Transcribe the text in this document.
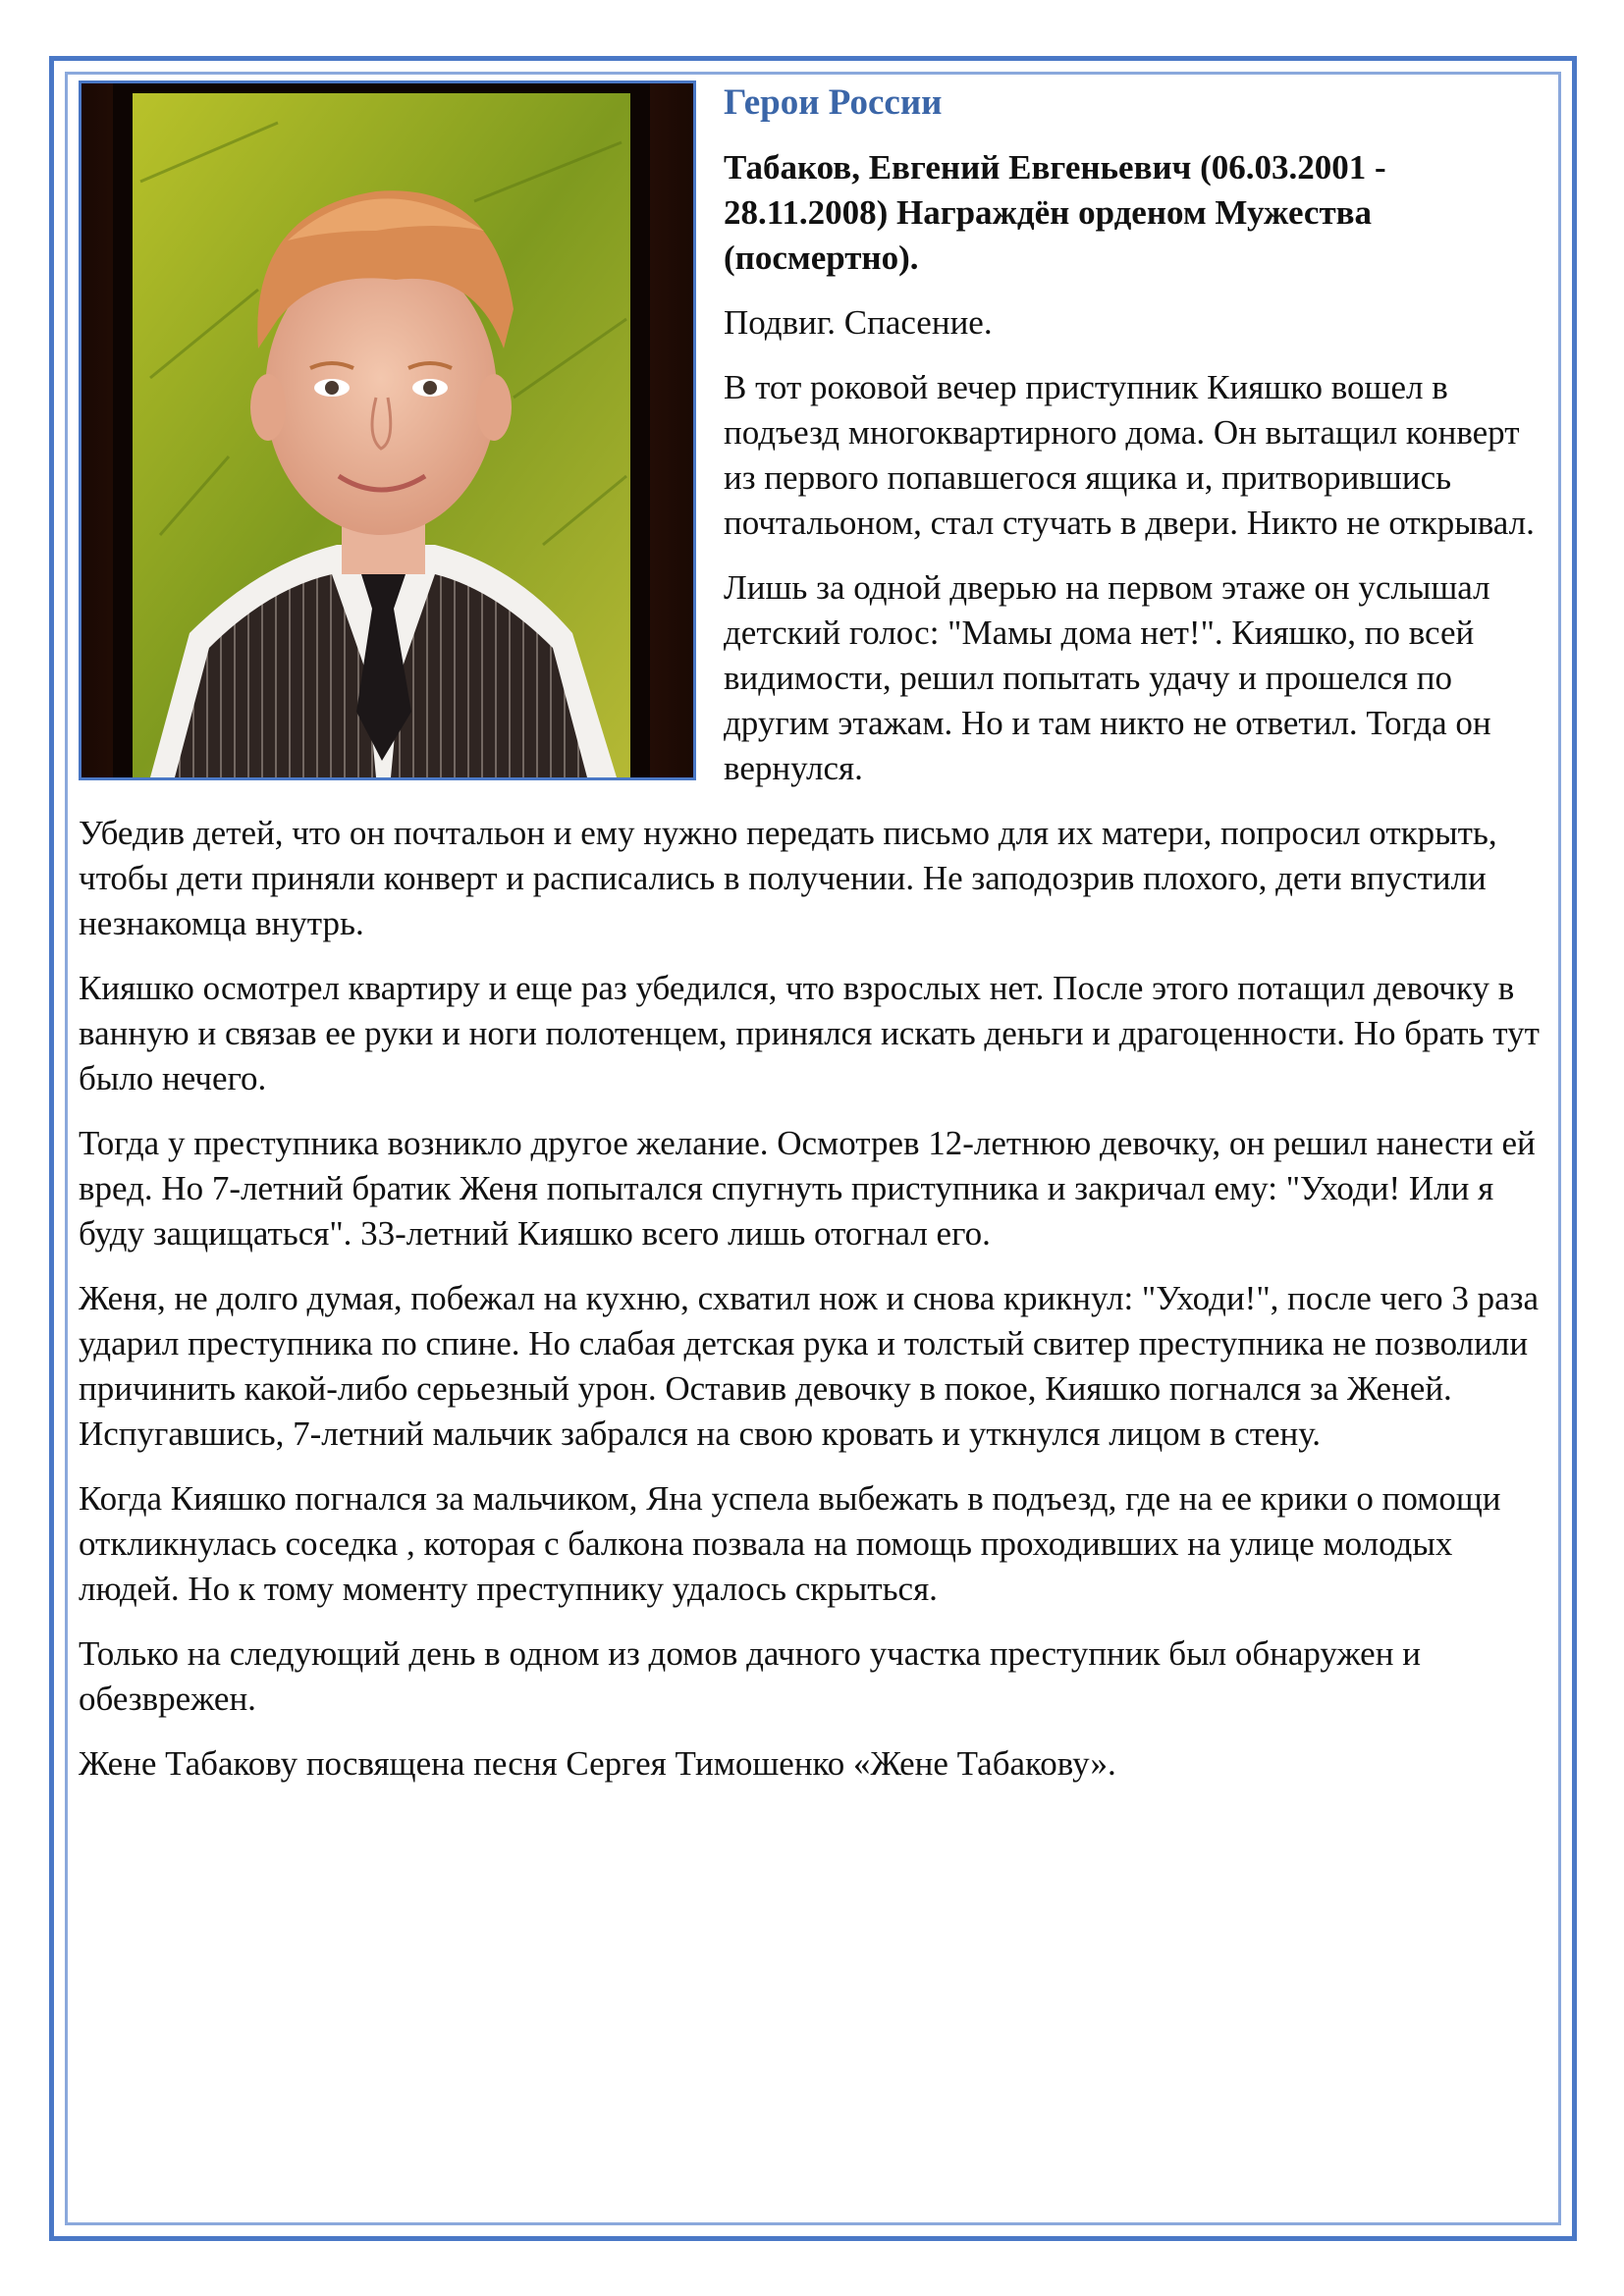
Герои России

Табаков, Евгений Евгеньевич (06.03.2001 - 28.11.2008) Награждён орденом Мужества (посмертно).

Подвиг. Спасение.

В тот роковой вечер приступник Кияшко вошел в подъезд многоквартирного дома. Он вытащил конверт из первого попавшегося ящика и, притворившись почтальоном, стал стучать в двери. Никто не открывал.

Лишь за одной дверью на первом этаже он услышал детский голос: "Мамы дома нет!". Кияшко, по всей видимости, решил попытать удачу и прошелся по другим этажам. Но и там никто не ответил. Тогда он вернулся.

Убедив детей, что он почтальон и ему нужно передать письмо для их матери, попросил открыть, чтобы дети приняли конверт и расписались в получении. Не заподозрив плохого, дети впустили незнакомца внутрь.

Кияшко осмотрел квартиру и еще раз убедился, что взрослых нет. После этого потащил девочку в ванную и связав ее руки и ноги полотенцем, принялся искать деньги и драгоценности. Но брать тут было нечего.

Тогда у преступника возникло другое желание. Осмотрев 12-летнюю девочку, он решил нанести ей вред. Но 7-летний братик Женя попытался спугнуть приступника и закричал ему: "Уходи! Или я буду защищаться". 33-летний Кияшко всего лишь отогнал его.

Женя, не долго думая, побежал на кухню, схватил нож и снова крикнул: "Уходи!", после чего 3 раза ударил преступника по спине. Но слабая детская рука и толстый свитер преступника не позволили причинить какой-либо серьезный урон. Оставив девочку в покое, Кияшко погнался за Женей. Испугавшись, 7-летний мальчик забрался на свою кровать и уткнулся лицом в стену.

Когда Кияшко погнался за мальчиком, Яна успела выбежать в подъезд, где на ее крики о помощи откликнулась соседка , которая с балкона позвала на помощь проходивших на улице молодых людей. Но к тому моменту преступнику удалось скрыться.

Только на следующий день в одном из домов дачного участка преступник был обнаружен и обезврежен.

Жене Табакову посвящена песня Сергея Тимошенко «Жене Табакову».
